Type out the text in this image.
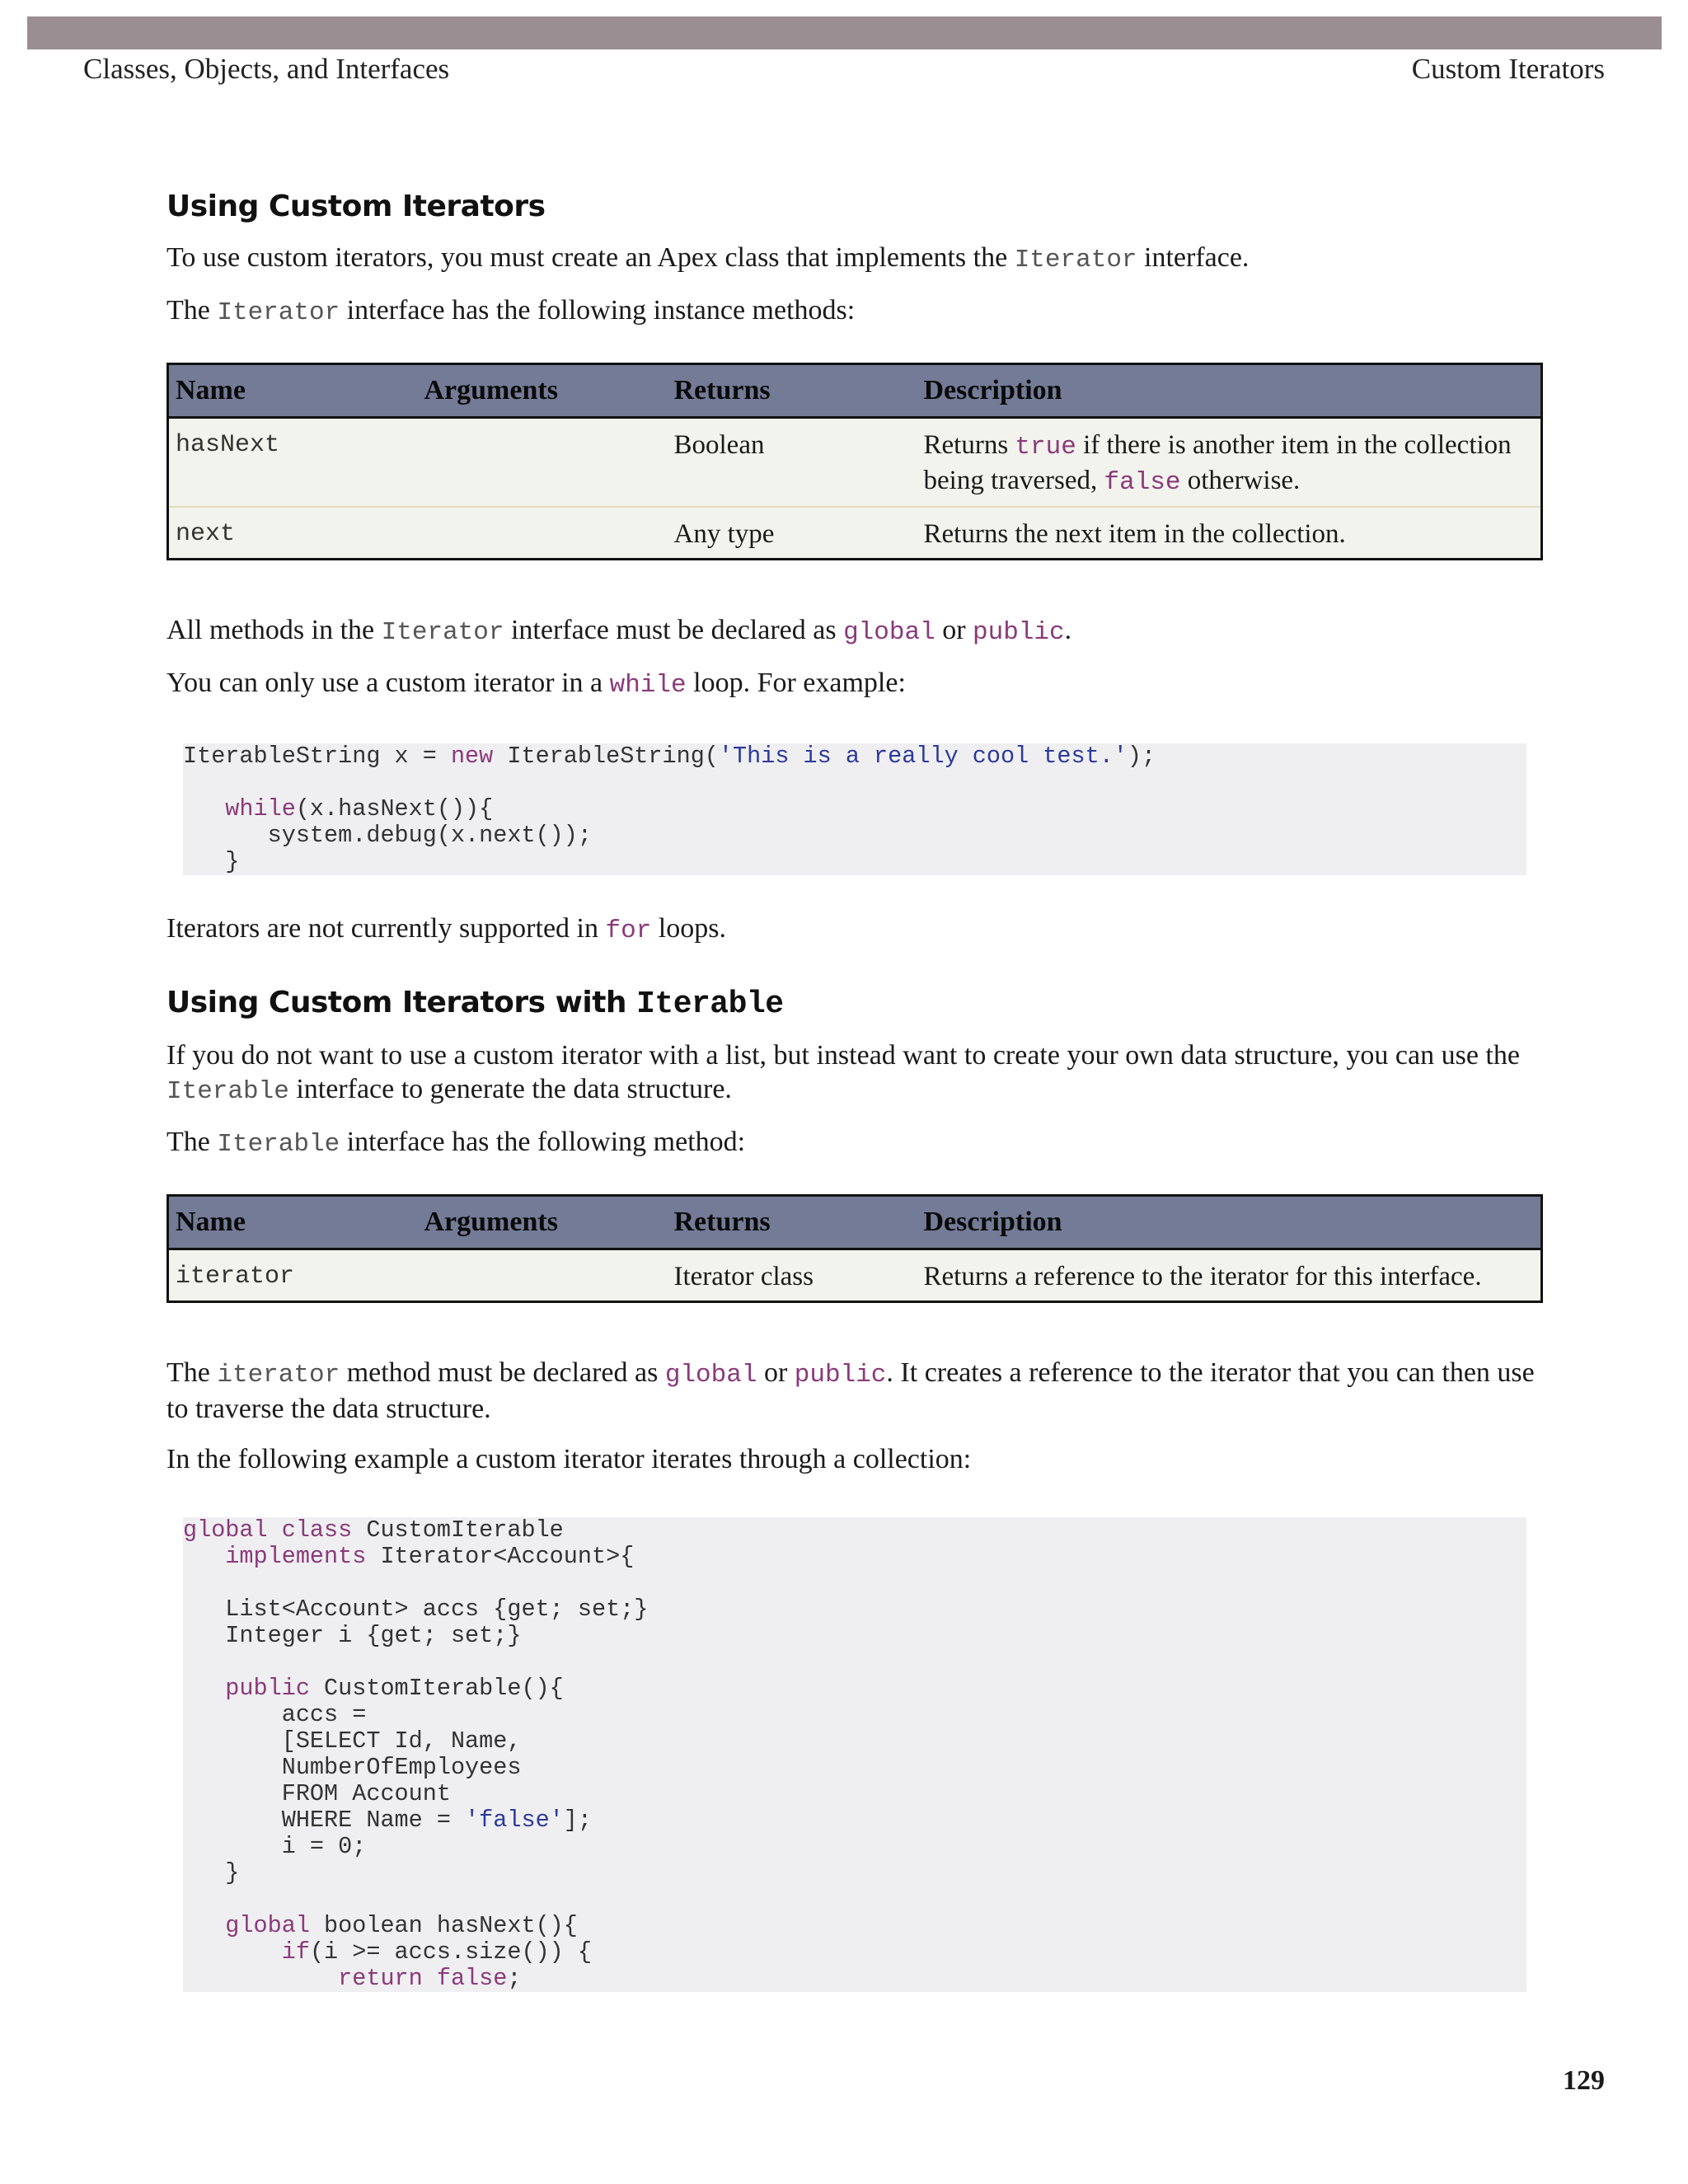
Classes, Objects, and Interfaces	Custom Iterators
Using Custom Iterators

To use custom iterators, you must create an Apex class that implements the Iterator interface.

The Iterator interface has the following instance methods:

Name	Arguments	Returns	Description
hasNext		Boolean	Returns true if there is another item in the collection being traversed, false otherwise.
next		Any type	Returns the next item in the collection.

All methods in the Iterator interface must be declared as global or public.

You can only use a custom iterator in a while loop. For example:

IterableString x = new IterableString('This is a really cool test.');

while(x.hasNext()){
system.debug(x.next());
}

Iterators are not currently supported in for loops.

Using Custom Iterators with Iterable

If you do not want to use a custom iterator with a list, but instead want to create your own data structure, you can use the Iterable interface to generate the data structure.

The Iterable interface has the following method:

Name	Arguments	Returns	Description
iterator		Iterator class	Returns a reference to the iterator for this interface.

The iterator method must be declared as global or public. It creates a reference to the iterator that you can then use to traverse the data structure.

In the following example a custom iterator iterates through a collection:

global class CustomIterable
implements Iterator<Account>{

List<Account> accs {get; set;}
Integer i {get; set;}

public CustomIterable(){
accs =
[SELECT Id, Name,
NumberOfEmployees
FROM Account
WHERE Name = 'false'];
i = 0;
}

global boolean hasNext(){
if(i >= accs.size()) {
return false;
129
